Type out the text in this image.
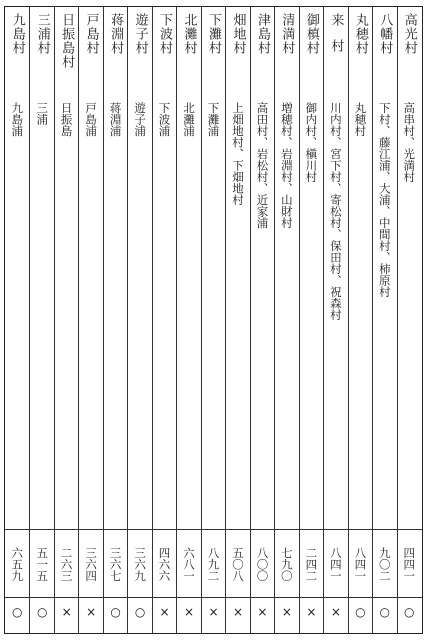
高光村
高串村、光満村
四四一
○
八幡村
下村、藤江浦、大浦、中間村、柿原村
九〇二
○
丸穂村
丸穂村
八四一
○
来村
川内村、宮下村、寄松村、保田村、祝森村
八四一
×
御槙村
御内村、槇川村
二四二
×
清満村
増穂村、岩淵村、山財村
七九〇
×
津島村
高田村、岩松村、近家浦
八〇〇
×
畑地村
上畑地村、下畑地村
五〇八
×
下灘村
下灘浦
八九二
×
北灘村
北灘浦
六八一
×
下波村
下波浦
四六六
×
遊子村
遊子浦
三六九
○
蒋淵村
蒋淵浦
三六七
○
戸島村
戸島浦
三六四
×
日振島村
日振島
二六三
×
三浦村
三浦
五一五
○
九島村
九島浦
六五九
○
